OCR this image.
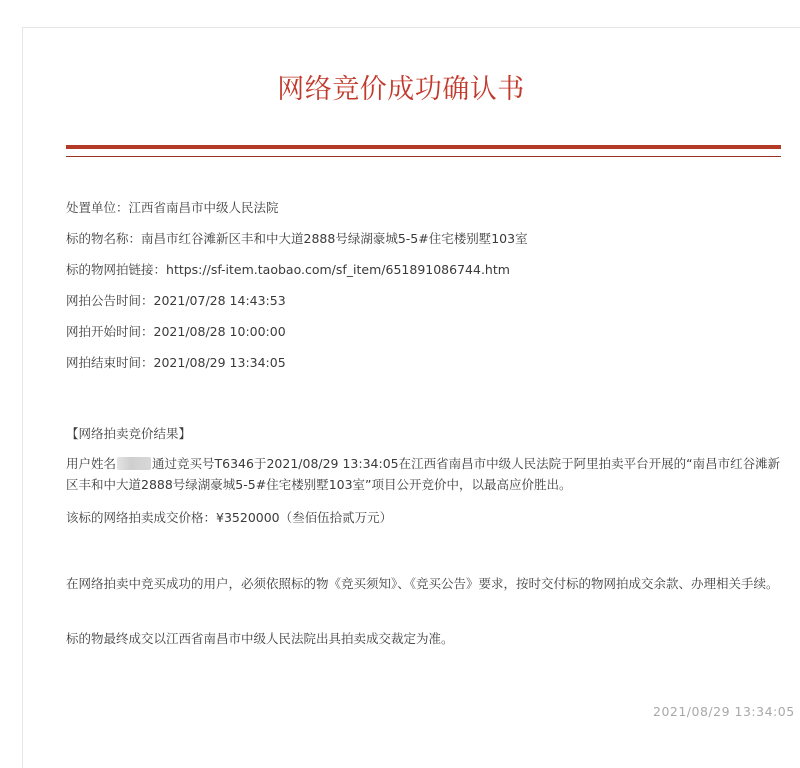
网络竞价成功确认书
处置单位：江西省南昌市中级人民法院
标的物名称：南昌市红谷滩新区丰和中大道2888号绿湖豪城5-5#住宅楼别墅103室
标的物网拍链接：https://sf-item.taobao.com/sf_item/651891086744.htm
网拍公告时间：2021/07/28 14:43:53
网拍开始时间：2021/08/28 10:00:00
网拍结束时间：2021/08/29 13:34:05
【网络拍卖竞价结果】
用户姓名	通过竞买号T6346于2021/08/29 13:34:05在江西省南昌市中级人民法院于阿里拍卖平台开展的“南昌市红谷滩新区丰和中大道2888号绿湖豪城5-5#住宅楼别墅103室”项目公开竞价中，以最高应价胜出。
该标的网络拍卖成交价格：¥3520000（叁佰伍拾贰万元）
在网络拍卖中竞买成功的用户，必须依照标的物《竞买须知》、《竞买公告》要求，按时交付标的物网拍成交余款、办理相关手续。
标的物最终成交以江西省南昌市中级人民法院出具拍卖成交裁定为准。
2021/08/29 13:34:05
